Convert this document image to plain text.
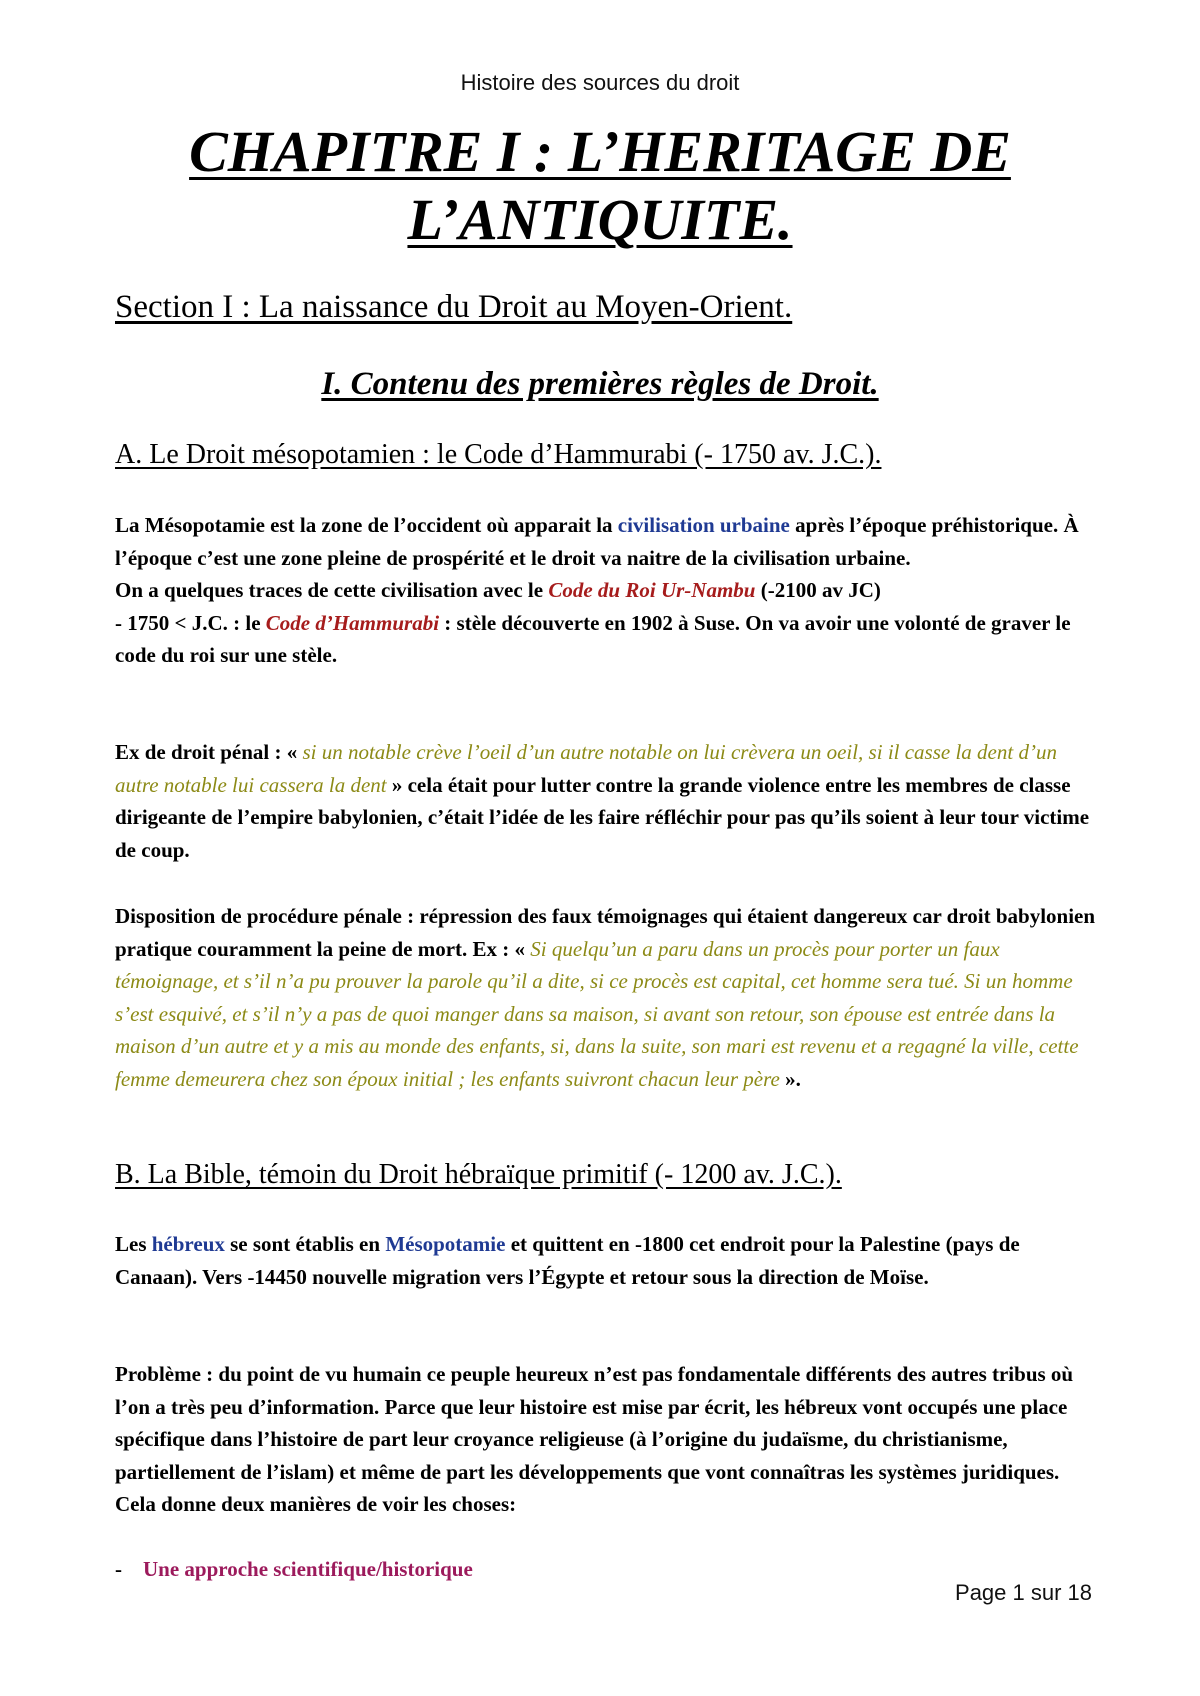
Histoire des sources du droit
CHAPITRE I : L’HERITAGE DE L’ANTIQUITE.
Section I : La naissance du Droit au Moyen-Orient.
I. Contenu des premières règles de Droit.
A. Le Droit mésopotamien : le Code d’Hammurabi (- 1750 av. J.C.).

La Mésopotamie est la zone de l’occident où apparait la civilisation urbaine après l’époque préhistorique. À l’époque c’est une zone pleine de prospérité et le droit va naitre de la civilisation urbaine.
On a quelques traces de cette civilisation avec le Code du Roi Ur-Nambu (-2100 av JC)
- 1750 < J.C. : le Code d’Hammurabi : stèle découverte en 1902 à Suse. On va avoir une volonté de graver le code du roi sur une stèle.

Ex de droit pénal : « si un notable crève l’oeil d’un autre notable on lui crèvera un oeil, si il casse la dent d’un autre notable lui cassera la dent » cela était pour lutter contre la grande violence entre les membres de classe dirigeante de l’empire babylonien, c’était l’idée de les faire réfléchir pour pas qu’ils soient à leur tour victime de coup.

Disposition de procédure pénale : répression des faux témoignages qui étaient dangereux car droit babylonien pratique couramment la peine de mort. Ex : « Si quelqu’un a paru dans un procès pour porter un faux témoignage, et s’il n’a pu prouver la parole qu’il a dite, si ce procès est capital, cet homme sera tué. Si un homme s’est esquivé, et s’il n’y a pas de quoi manger dans sa maison, si avant son retour, son épouse est entrée dans la maison d’un autre et y a mis au monde des enfants, si, dans la suite, son mari est revenu et a regagné la ville, cette femme demeurera chez son époux initial ; les enfants suivront chacun leur père ».

B. La Bible, témoin du Droit hébraïque primitif (- 1200 av. J.C.).

Les hébreux se sont établis en Mésopotamie et quittent en -1800 cet endroit pour la Palestine (pays de Canaan). Vers -14450 nouvelle migration vers l’Égypte et retour sous la direction de Moïse.

Problème : du point de vu humain ce peuple heureux n’est pas fondamentale différents des autres tribus où l’on a très peu d’information. Parce que leur histoire est mise par écrit, les hébreux vont occupés une place spécifique dans l’histoire de part leur croyance religieuse (à l’origine du judaïsme, du christianisme, partiellement de l’islam) et même de part les développements que vont connaîtras les systèmes juridiques.
Cela donne deux manières de voir les choses:

- Une approche scientifique/historique
Page 1 sur 18
